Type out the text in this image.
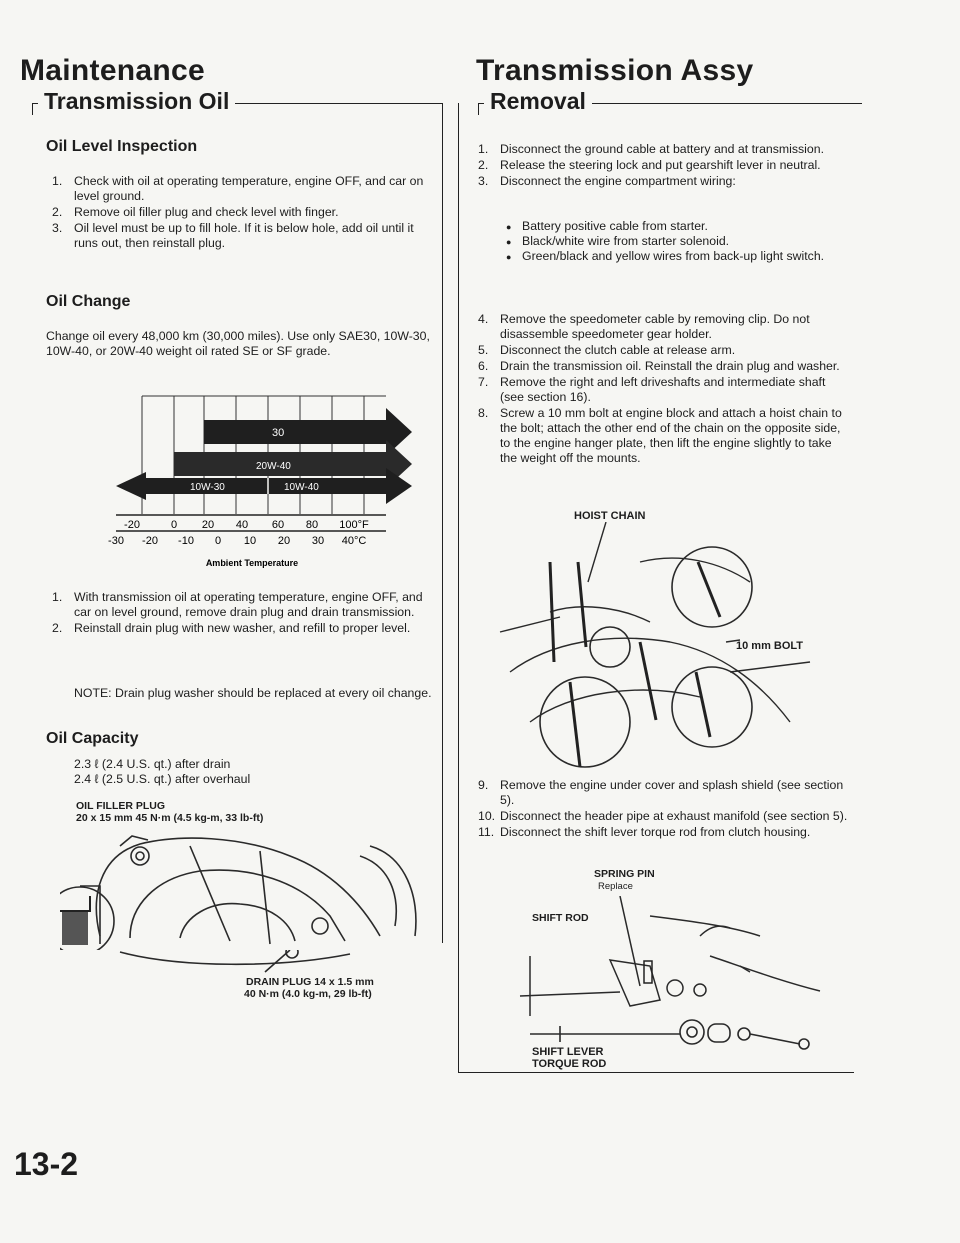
Maintenance	Transmission Assy
Transmission Oil
Oil Level Inspection
1. Check with oil at operating temperature, engine OFF, and car on level ground.
2. Remove oil filler plug and check level with finger.
3. Oil level must be up to fill hole. If it is below hole, add oil until it runs out, then reinstall plug.
Oil Change
Change oil every 48,000 km (30,000 miles). Use only SAE30, 10W-30, 10W-40, or 20W-40 weight oil rated SE or SF grade.
30
20W-40
10W-30	10W-40
-20	0 20 40 60 80 100°F
-30 -20 -10 0 10 20 30 40°C
Ambient Temperature
1. With transmission oil at operating temperature, engine OFF, and car on level ground, remove drain plug and drain transmission.
2. Reinstall drain plug with new washer, and refill to proper level.
NOTE: Drain plug washer should be replaced at every oil change.
Oil Capacity
2.3 ℓ (2.4 U.S. qt.) after drain
2.4 ℓ (2.5 U.S. qt.) after overhaul
OIL FILLER PLUG
20 x 15 mm 45 N·m (4.5 kg-m, 33 lb-ft)
DRAIN PLUG 14 x 1.5 mm
40 N·m (4.0 kg-m, 29 lb-ft)
Removal
1. Disconnect the ground cable at battery and at transmission.
2. Release the steering lock and put gearshift lever in neutral.
3. Disconnect the engine compartment wiring:
● Battery positive cable from starter.
● Black/white wire from starter solenoid.
● Green/black and yellow wires from back-up light switch.
4. Remove the speedometer cable by removing clip. Do not disassemble speedometer gear holder.
5. Disconnect the clutch cable at release arm.
6. Drain the transmission oil. Reinstall the drain plug and washer.
7. Remove the right and left driveshafts and intermediate shaft (see section 16).
8. Screw a 10 mm bolt at engine block and attach a hoist chain to the bolt; attach the other end of the chain on the opposite side, to the engine hanger plate, then lift the engine slightly to take the weight off the mounts.
HOIST CHAIN
10 mm BOLT
9. Remove the engine under cover and splash shield (see section 5).
10. Disconnect the header pipe at exhaust manifold (see section 5).
11. Disconnect the shift lever torque rod from clutch housing.
SPRING PIN
Replace
SHIFT ROD
SHIFT LEVER
TORQUE ROD
13-2
